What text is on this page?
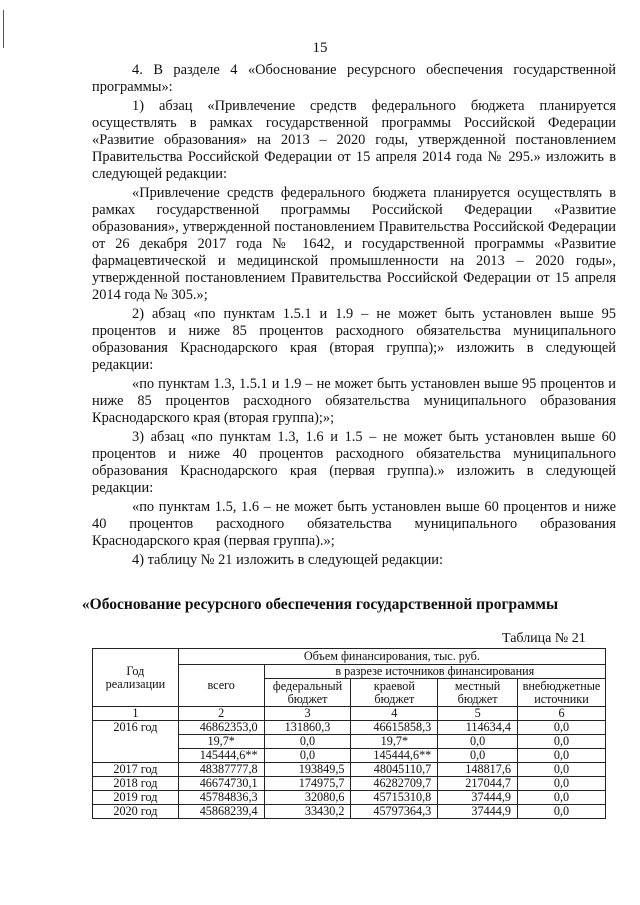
15

4. В разделе 4 «Обоснование ресурсного обеспечения государственной программы»:

1) абзац «Привлечение средств федерального бюджета планируется осуществлять в рамках государственной программы Российской Федерации «Развитие образования» на 2013 – 2020 годы, утвержденной постановлением Правительства Российской Федерации от 15 апреля 2014 года № 295.» изложить в следующей редакции:

«Привлечение средств федерального бюджета планируется осуществлять в рамках государственной программы Российской Федерации «Развитие образования», утвержденной постановлением Правительства Российской Федерации от 26 декабря 2017 года № 1642, и государственной программы «Развитие фармацевтической и медицинской промышленности на 2013 – 2020 годы», утвержденной постановлением Правительства Российской Федерации от 15 апреля 2014 года № 305.»;

2) абзац «по пунктам 1.5.1 и 1.9 – не может быть установлен выше 95 процентов и ниже 85 процентов расходного обязательства муниципального образования Краснодарского края (вторая группа);» изложить в следующей редакции:

«по пунктам 1.3, 1.5.1 и 1.9 – не может быть установлен выше 95 процентов и ниже 85 процентов расходного обязательства муниципального образования Краснодарского края (вторая группа);»;

3) абзац «по пунктам 1.3, 1.6 и 1.5 – не может быть установлен выше 60 процентов и ниже 40 процентов расходного обязательства муниципального образования Краснодарского края (первая группа).» изложить в следующей редакции:

«по пунктам 1.5, 1.6 – не может быть установлен выше 60 процентов и ниже 40 процентов расходного обязательства муниципального образования Краснодарского края (первая группа).»;

4) таблицу № 21 изложить в следующей редакции:

«Обоснование ресурсного обеспечения государственной программы
Таблица № 21
Год реализации	Объем финансирования, тыс. руб.				
	всего	в разрезе источников финансирования			
		федеральный бюджет	краевой бюджет	местный бюджет	внебюджетные источники
1	2	3	4	5	6
2016 год	46862353,0	131860,3	46615858,3	114634,4	0,0
	19,7*	0,0	19,7*	0,0	0,0
	145444,6**	0,0	145444,6**	0,0	0,0
2017 год	48387777,8	193849,5	48045110,7	148817,6	0,0
2018 год	46674730,1	174975,7	46282709,7	217044,7	0,0
2019 год	45784836,3	32080,6	45715310,8	37444,9	0,0
2020 год	45868239,4	33430,2	45797364,3	37444,9	0,0
